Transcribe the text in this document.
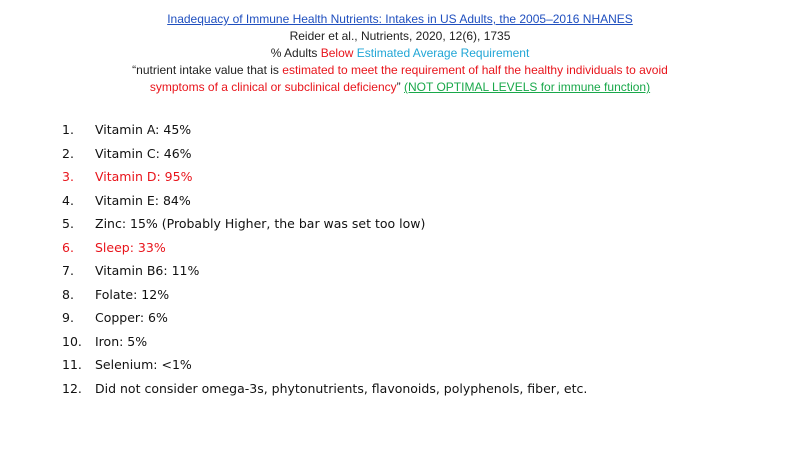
Inadequacy of Immune Health Nutrients: Intakes in US Adults, the 2005–2016 NHANES
Reider et al., Nutrients, 2020, 12(6), 1735
% Adults Below Estimated Average Requirement
“nutrient intake value that is estimated to meet the requirement of half the healthy individuals to avoid
symptoms of a clinical or subclinical deficiency” (NOT OPTIMAL LEVELS for immune function)
1. Vitamin A: 45%
2. Vitamin C: 46%
3. Vitamin D: 95%
4. Vitamin E: 84%
5. Zinc: 15% (Probably Higher, the bar was set too low)
6. Sleep: 33%
7. Vitamin B6: 11%
8. Folate: 12%
9. Copper: 6%
10. Iron: 5%
11. Selenium: <1%
12. Did not consider omega-3s, phytonutrients, flavonoids, polyphenols, fiber, etc.
